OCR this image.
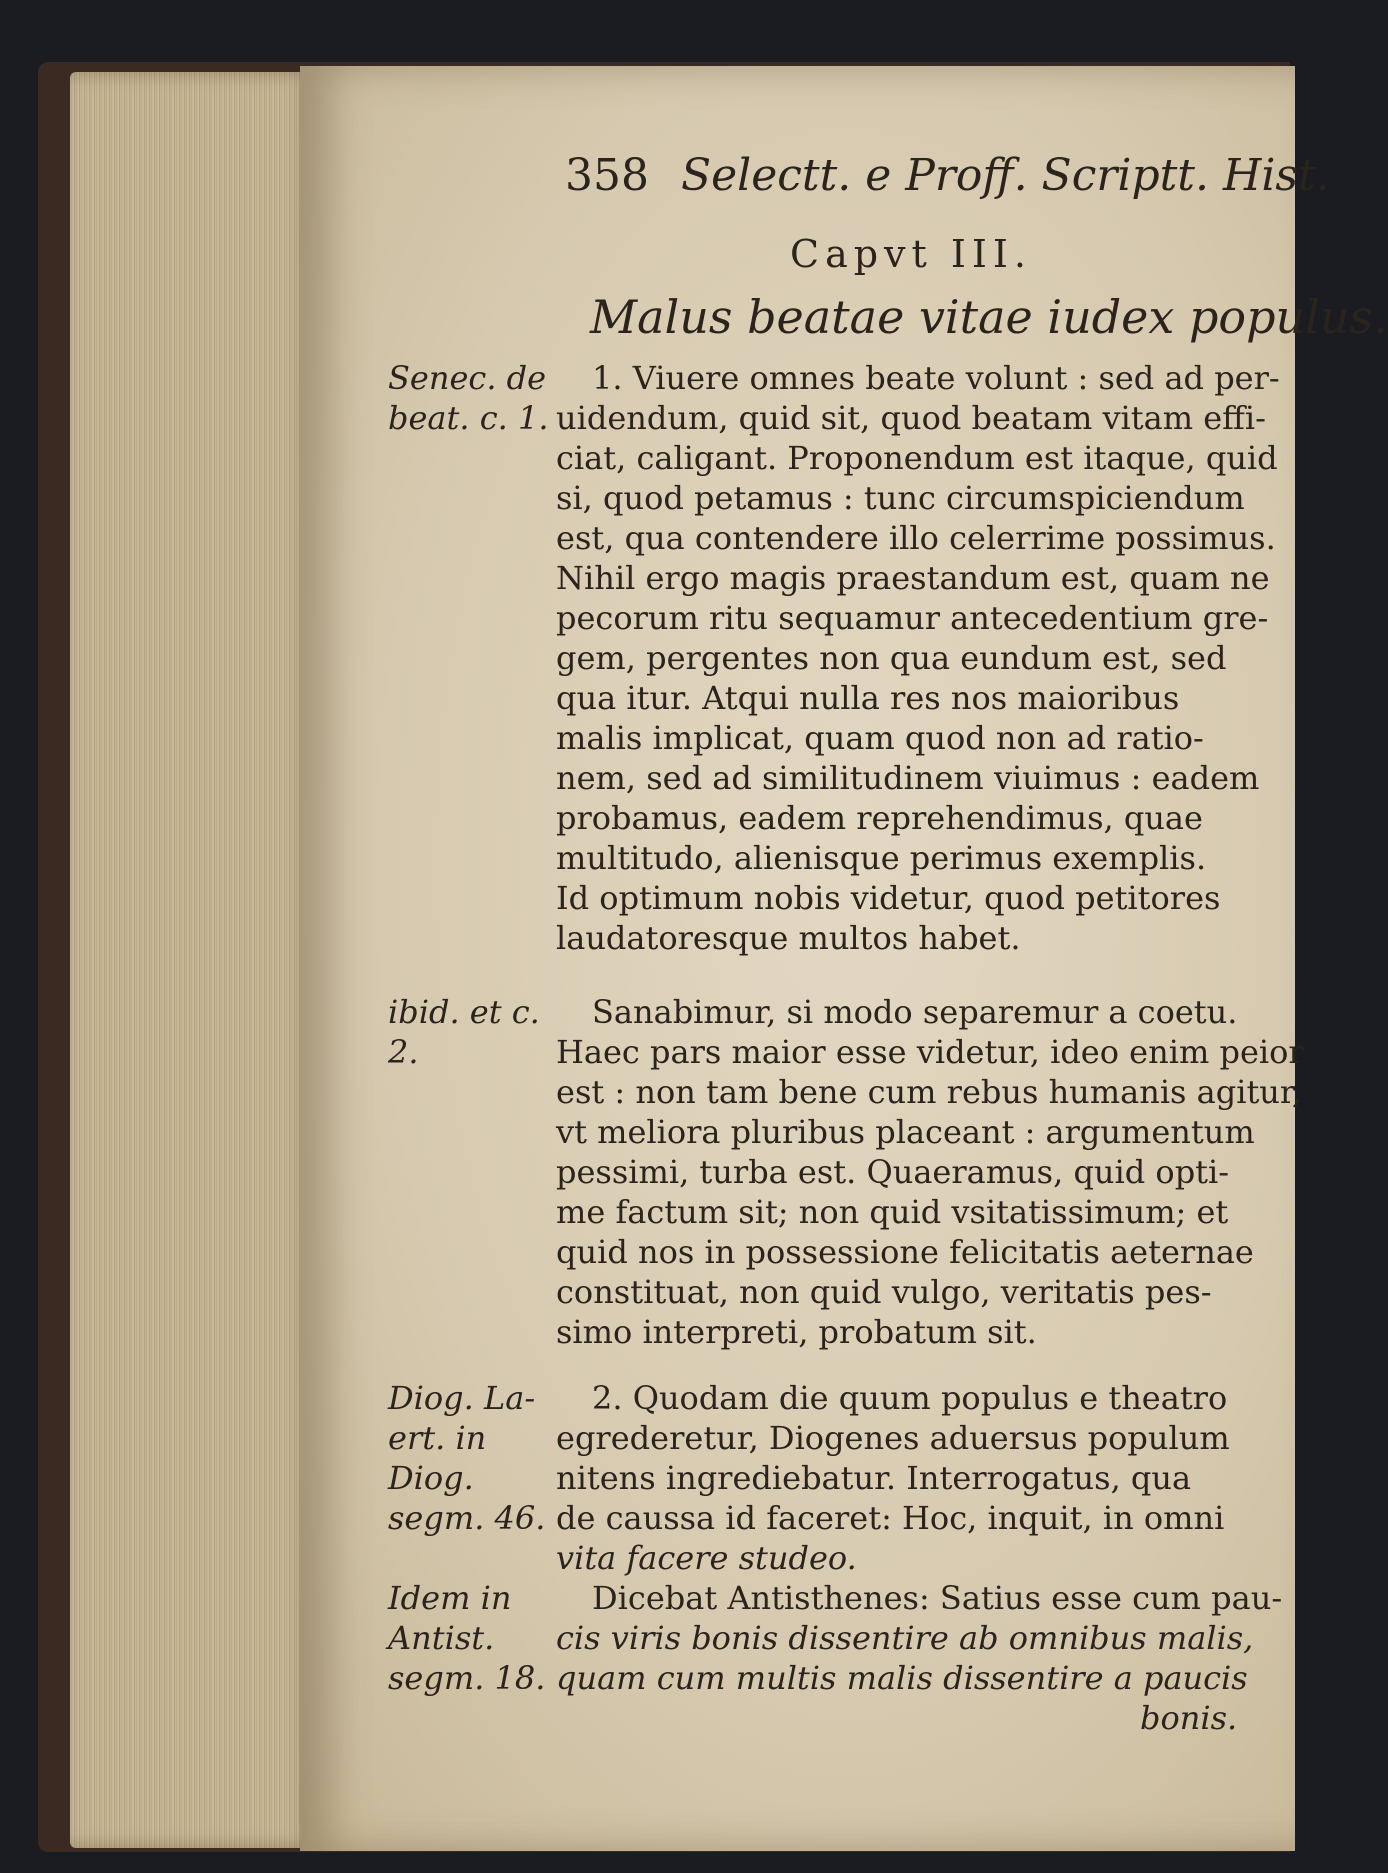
358 Selectt. e Proff. Scriptt. Hist.
Capvt III.
Malus beatae vitae iudex populus.
Senec. de
beat. c. 1.
ibid. et c.
2.
Diog. La-
ert. in
Diog.
segm. 46.
Idem in
Antist.
segm. 18.
1. Viuere omnes beate volunt : sed ad per-
uidendum, quid sit, quod beatam vitam effi-
ciat, caligant. Proponendum est itaque, quid
si, quod petamus : tunc circumspiciendum
est, qua contendere illo celerrime possimus.
Nihil ergo magis praestandum est, quam ne
pecorum ritu sequamur antecedentium gre-
gem, pergentes non qua eundum est, sed
qua itur. Atqui nulla res nos maioribus
malis implicat, quam quod non ad ratio-
nem, sed ad similitudinem viuimus : eadem
probamus, eadem reprehendimus, quae
multitudo, alienisque perimus exemplis.
Id optimum nobis videtur, quod petitores
laudatoresque multos habet.
Sanabimur, si modo separemur a coetu.
Haec pars maior esse videtur, ideo enim peior
est : non tam bene cum rebus humanis agitur,
vt meliora pluribus placeant : argumentum
pessimi, turba est. Quaeramus, quid opti-
me factum sit; non quid vsitatissimum; et
quid nos in possessione felicitatis aeternae
constituat, non quid vulgo, veritatis pes-
simo interpreti, probatum sit.
2. Quodam die quum populus e theatro
egrederetur, Diogenes aduersus populum
nitens ingrediebatur. Interrogatus, qua
de caussa id faceret: Hoc, inquit, in omni
vita facere studeo.
Dicebat Antisthenes: Satius esse cum pau-
cis viris bonis dissentire ab omnibus malis,
quam cum multis malis dissentire a paucis
bonis.
